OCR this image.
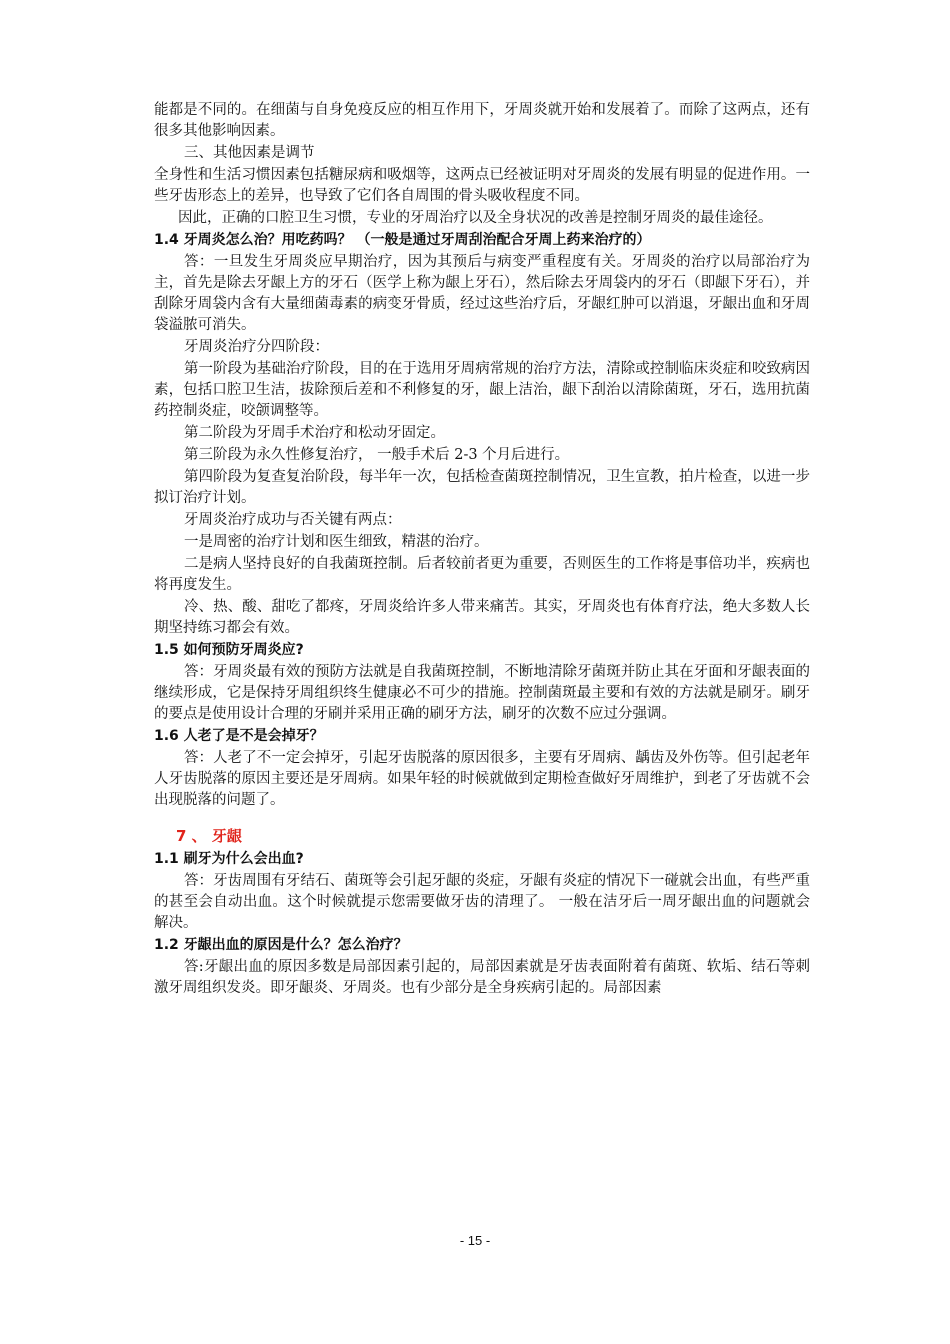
能都是不同的。在细菌与自身免疫反应的相互作用下，牙周炎就开始和发展着了。而除了这两点，还有很多其他影响因素。

三、其他因素是调节

全身性和生活习惯因素包括糖尿病和吸烟等，这两点已经被证明对牙周炎的发展有明显的促进作用。一些牙齿形态上的差异，也导致了它们各自周围的骨头吸收程度不同。

因此，正确的口腔卫生习惯，专业的牙周治疗以及全身状况的改善是控制牙周炎的最佳途径。

1.4 牙周炎怎么治？用吃药吗？ （一般是通过牙周刮治配合牙周上药来治疗的）

答：一旦发生牙周炎应早期治疗，因为其预后与病变严重程度有关。牙周炎的治疗以局部治疗为主，首先是除去牙龈上方的牙石（医学上称为龈上牙石），然后除去牙周袋内的牙石（即龈下牙石），并刮除牙周袋内含有大量细菌毒素的病变牙骨质，经过这些治疗后，牙龈红肿可以消退，牙龈出血和牙周袋溢脓可消失。

牙周炎治疗分四阶段：

第一阶段为基础治疗阶段，目的在于选用牙周病常规的治疗方法，清除或控制临床炎症和咬致病因素，包括口腔卫生洁，拔除预后差和不利修复的牙，龈上洁治，龈下刮治以清除菌斑，牙石，选用抗菌药控制炎症，咬颌调整等。

第二阶段为牙周手术治疗和松动牙固定。

第三阶段为永久性修复治疗， 一般手术后 2-3 个月后进行。

第四阶段为复查复治阶段，每半年一次，包括检查菌斑控制情况，卫生宣教，拍片检查，以进一步拟订治疗计划。

牙周炎治疗成功与否关键有两点：

一是周密的治疗计划和医生细致，精湛的治疗。

二是病人坚持良好的自我菌斑控制。后者较前者更为重要，否则医生的工作将是事倍功半，疾病也将再度发生。

冷、热、酸、甜吃了都疼，牙周炎给许多人带来痛苦。其实，牙周炎也有体育疗法，绝大多数人长期坚持练习都会有效。

1.5 如何预防牙周炎应?

答：牙周炎最有效的预防方法就是自我菌斑控制，不断地清除牙菌斑并防止其在牙面和牙龈表面的继续形成，它是保持牙周组织终生健康必不可少的措施。控制菌斑最主要和有效的方法就是刷牙。刷牙的要点是使用设计合理的牙刷并采用正确的刷牙方法，刷牙的次数不应过分强调。

1.6 人老了是不是会掉牙？

答：人老了不一定会掉牙，引起牙齿脱落的原因很多，主要有牙周病、龋齿及外伤等。但引起老年人牙齿脱落的原因主要还是牙周病。如果年轻的时候就做到定期检查做好牙周维护，到老了牙齿就不会出现脱落的问题了。

7 、 牙龈
1.1 刷牙为什么会出血?

答：牙齿周围有牙结石、菌斑等会引起牙龈的炎症，牙龈有炎症的情况下一碰就会出血，有些严重的甚至会自动出血。这个时候就提示您需要做牙齿的清理了。 一般在洁牙后一周牙龈出血的问题就会解决。

1.2 牙龈出血的原因是什么？怎么治疗？

答:牙龈出血的原因多数是局部因素引起的，局部因素就是牙齿表面附着有菌斑、软垢、结石等刺激牙周组织发炎。即牙龈炎、牙周炎。也有少部分是全身疾病引起的。局部因素

- 15 -
